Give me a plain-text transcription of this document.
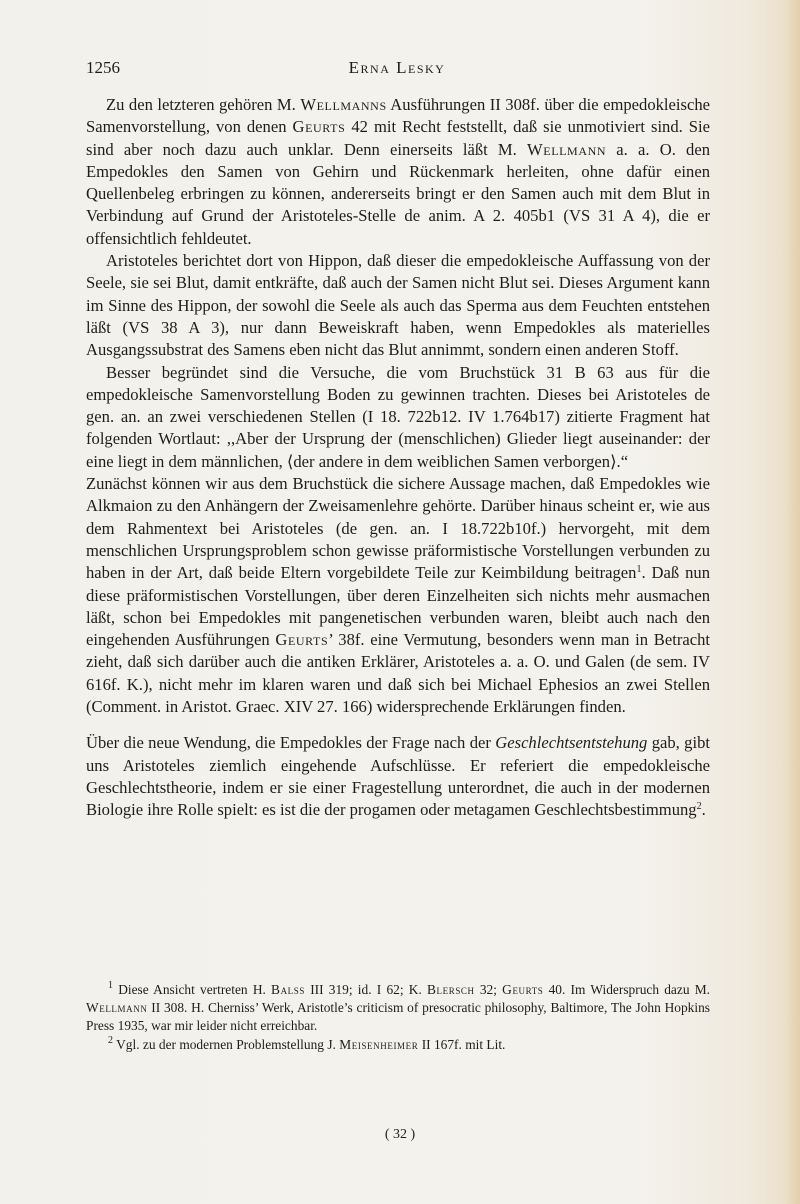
1256	Erna Lesky

Zu den letzteren gehören M. Wellmanns Ausführungen II 308f. über die empedokleische Samenvorstellung, von denen Geurts 42 mit Recht feststellt, daß sie unmotiviert sind. Sie sind aber noch dazu auch unklar. Denn einerseits läßt M. Wellmann a. a. O. den Empedokles den Samen von Gehirn und Rückenmark herleiten, ohne dafür einen Quellenbeleg erbringen zu können, andererseits bringt er den Samen auch mit dem Blut in Verbindung auf Grund der Aristoteles-Stelle de anim. A 2. 405b1 (VS 31 A 4), die er offensichtlich fehldeutet.

Aristoteles berichtet dort von Hippon, daß dieser die empedokleische Auffassung von der Seele, sie sei Blut, damit entkräfte, daß auch der Samen nicht Blut sei. Dieses Argument kann im Sinne des Hippon, der sowohl die Seele als auch das Sperma aus dem Feuchten entstehen läßt (VS 38 A 3), nur dann Beweiskraft haben, wenn Empedokles als materielles Ausgangssubstrat des Samens eben nicht das Blut annimmt, sondern einen anderen Stoff.

Besser begründet sind die Versuche, die vom Bruchstück 31 B 63 aus für die empedokleische Samenvorstellung Boden zu gewinnen trachten. Dieses bei Aristoteles de gen. an. an zwei verschiedenen Stellen (I 18. 722b12. IV 1.764b17) zitierte Fragment hat folgenden Wortlaut: ,,Aber der Ursprung der (menschlichen) Glieder liegt auseinander: der eine liegt in dem männlichen, ⟨der andere in dem weiblichen Samen verborgen⟩.“

Zunächst können wir aus dem Bruchstück die sichere Aussage machen, daß Empedokles wie Alkmaion zu den Anhängern der Zweisamenlehre gehörte. Darüber hinaus scheint er, wie aus dem Rahmentext bei Aristoteles (de gen. an. I 18.722b10f.) hervorgeht, mit dem menschlichen Ursprungsproblem schon gewisse präformistische Vorstellungen verbunden zu haben in der Art, daß beide Eltern vorgebildete Teile zur Keimbildung beitragen$^1$. Daß nun diese präformistischen Vorstellungen, über deren Einzelheiten sich nichts mehr ausmachen läßt, schon bei Empedokles mit pangenetischen verbunden waren, bleibt auch nach den eingehenden Ausführungen Geurts’ 38f. eine Vermutung, besonders wenn man in Betracht zieht, daß sich darüber auch die antiken Erklärer, Aristoteles a. a. O. und Galen (de sem. IV 616f. K.), nicht mehr im klaren waren und daß sich bei Michael Ephesios an zwei Stellen (Comment. in Aristot. Graec. XIV 27. 166) widersprechende Erklärungen finden.

Über die neue Wendung, die Empedokles der Frage nach der Geschlechtsentstehung gab, gibt uns Aristoteles ziemlich eingehende Aufschlüsse. Er referiert die empedokleische Geschlechtstheorie, indem er sie einer Fragestellung unterordnet, die auch in der modernen Biologie ihre Rolle spielt: es ist die der progamen oder metagamen Geschlechtsbestimmung$^2$.

$^1$ Diese Ansicht vertreten H. Balss III 319; id. I 62; K. Blersch 32; Geurts 40. Im Widerspruch dazu M. Wellmann II 308. H. Cherniss’ Werk, Aristotle’s criticism of presocratic philosophy, Baltimore, The John Hopkins Press 1935, war mir leider nicht erreichbar.

$^2$ Vgl. zu der modernen Problemstellung J. Meisenheimer II 167f. mit Lit.

( 32 )
